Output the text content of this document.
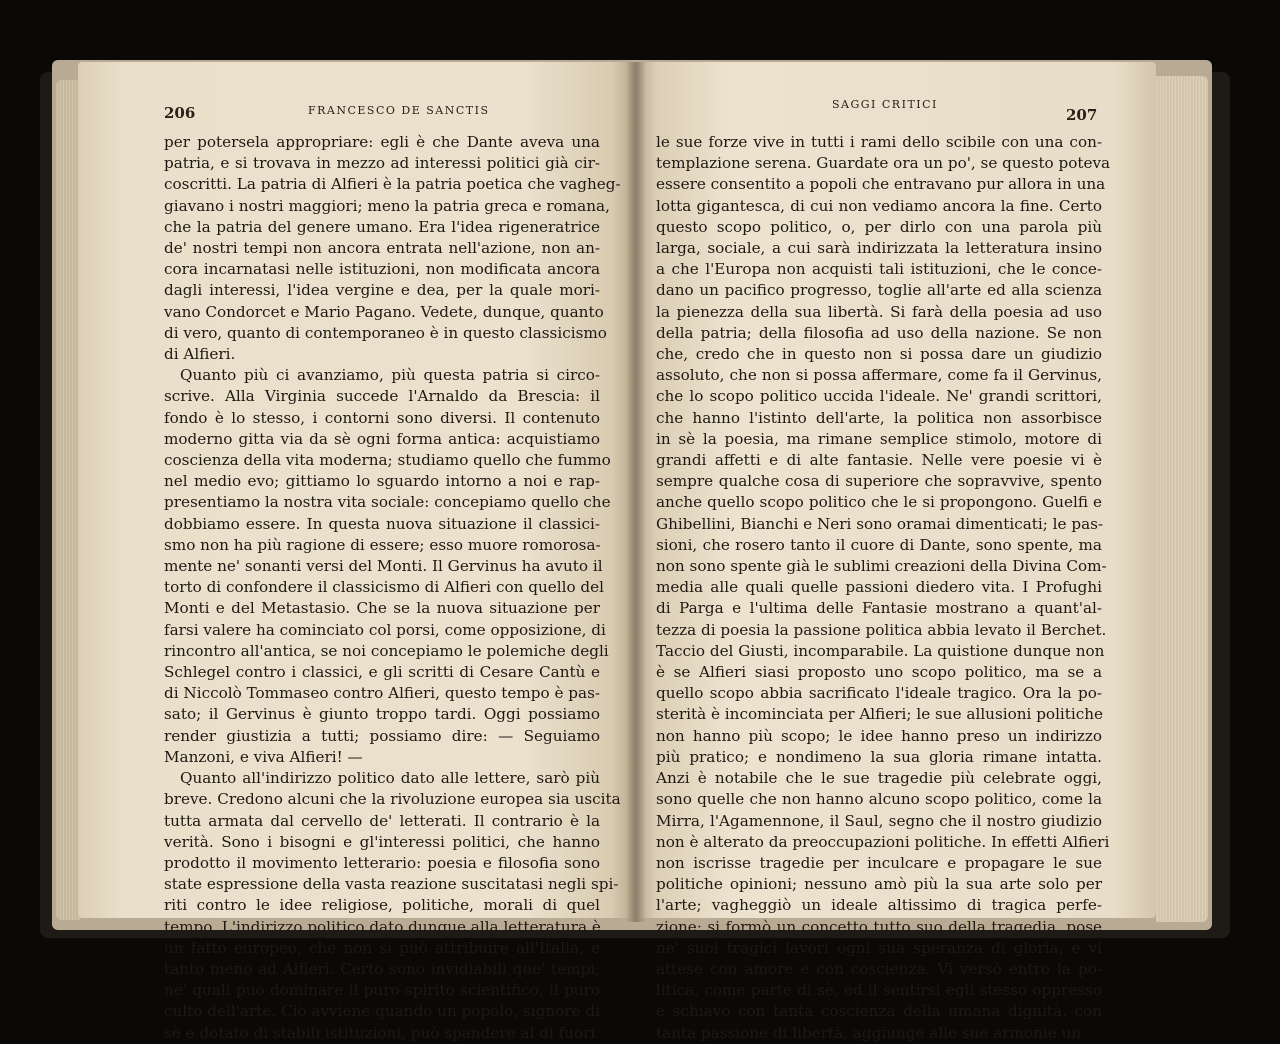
206	FRANCESCO DE SANCTIS
per potersela appropriare: egli è che Dante aveva una
patria, e si trovava in mezzo ad interessi politici già cir-
coscritti. La patria di Alfieri è la patria poetica che vagheg-
giavano i nostri maggiori; meno la patria greca e romana,
che la patria del genere umano. Era l'idea rigeneratrice
de' nostri tempi non ancora entrata nell'azione, non an-
cora incarnatasi nelle istituzioni, non modificata ancora
dagli interessi, l'idea vergine e dea, per la quale mori-
vano Condorcet e Mario Pagano. Vedete, dunque, quanto
di vero, quanto di contemporaneo è in questo classicismo
di Alfieri.
Quanto più ci avanziamo, più questa patria si circo-
scrive. Alla Virginia succede l'Arnaldo da Brescia: il
fondo è lo stesso, i contorni sono diversi. Il contenuto
moderno gitta via da sè ogni forma antica: acquistiamo
coscienza della vita moderna; studiamo quello che fummo
nel medio evo; gittiamo lo sguardo intorno a noi e rap-
presentiamo la nostra vita sociale: concepiamo quello che
dobbiamo essere. In questa nuova situazione il classici-
smo non ha più ragione di essere; esso muore romorosa-
mente ne' sonanti versi del Monti. Il Gervinus ha avuto il
torto di confondere il classicismo di Alfieri con quello del
Monti e del Metastasio. Che se la nuova situazione per
farsi valere ha cominciato col porsi, come opposizione, di
rincontro all'antica, se noi concepiamo le polemiche degli
Schlegel contro i classici, e gli scritti di Cesare Cantù e
di Niccolò Tommaseo contro Alfieri, questo tempo è pas-
sato; il Gervinus è giunto troppo tardi. Oggi possiamo
render giustizia a tutti; possiamo dire: — Seguiamo
Manzoni, e viva Alfieri! —
Quanto all'indirizzo politico dato alle lettere, sarò più
breve. Credono alcuni che la rivoluzione europea sia uscita
tutta armata dal cervello de' letterati. Il contrario è la
verità. Sono i bisogni e gl'interessi politici, che hanno
prodotto il movimento letterario: poesia e filosofia sono
state espressione della vasta reazione suscitatasi negli spi-
riti contro le idee religiose, politiche, morali di quel
tempo. L'indirizzo politico dato dunque alla letteratura è
un fatto europeo, che non si può attribuire all'Italia, e
tanto meno ad Alfieri. Certo sono invidiabili que' tempi,
ne' quali può dominare il puro spirito scientifico, il puro
culto dell'arte. Ciò avviene quando un popolo, signore di
sè e dotato di stabili istituzioni, può spandere al di fuori
SAGGI CRITICI
207
le sue forze vive in tutti i rami dello scibile con una con-
templazione serena. Guardate ora un po', se questo poteva
essere consentito a popoli che entravano pur allora in una
lotta gigantesca, di cui non vediamo ancora la fine. Certo
questo scopo politico, o, per dirlo con una parola più
larga, sociale, a cui sarà indirizzata la letteratura insino
a che l'Europa non acquisti tali istituzioni, che le conce-
dano un pacifico progresso, toglie all'arte ed alla scienza
la pienezza della sua libertà. Si farà della poesia ad uso
della patria; della filosofia ad uso della nazione. Se non
che, credo che in questo non si possa dare un giudizio
assoluto, che non si possa affermare, come fa il Gervinus,
che lo scopo politico uccida l'ideale. Ne' grandi scrittori,
che hanno l'istinto dell'arte, la politica non assorbisce
in sè la poesia, ma rimane semplice stimolo, motore di
grandi affetti e di alte fantasie. Nelle vere poesie vi è
sempre qualche cosa di superiore che sopravvive, spento
anche quello scopo politico che le si propongono. Guelfi e
Ghibellini, Bianchi e Neri sono oramai dimenticati; le pas-
sioni, che rosero tanto il cuore di Dante, sono spente, ma
non sono spente già le sublimi creazioni della Divina Com-
media alle quali quelle passioni diedero vita. I Profughi
di Parga e l'ultima delle Fantasie mostrano a quant'al-
tezza di poesia la passione politica abbia levato il Berchet.
Taccio del Giusti, incomparabile. La quistione dunque non
è se Alfieri siasi proposto uno scopo politico, ma se a
quello scopo abbia sacrificato l'ideale tragico. Ora la po-
sterità è incominciata per Alfieri; le sue allusioni politiche
non hanno più scopo; le idee hanno preso un indirizzo
più pratico; e nondimeno la sua gloria rimane intatta.
Anzi è notabile che le sue tragedie più celebrate oggi,
sono quelle che non hanno alcuno scopo politico, come la
Mirra, l'Agamennone, il Saul, segno che il nostro giudizio
non è alterato da preoccupazioni politiche. In effetti Alfieri
non iscrisse tragedie per inculcare e propagare le sue
politiche opinioni; nessuno amò più la sua arte solo per
l'arte; vagheggiò un ideale altissimo di tragica perfe-
zione; si formò un concetto tutto suo della tragedia, pose
ne' suoi tragici lavori ogni sua speranza di gloria, e vi
attese con amore e con coscienza. Vi versò entro la po-
litica, come parte di sè, ed il sentirsi egli stesso oppresso
e schiavo con tanta coscienza della umana dignità, con
tanta passione di libertà, aggiunge alle sue armonie un
